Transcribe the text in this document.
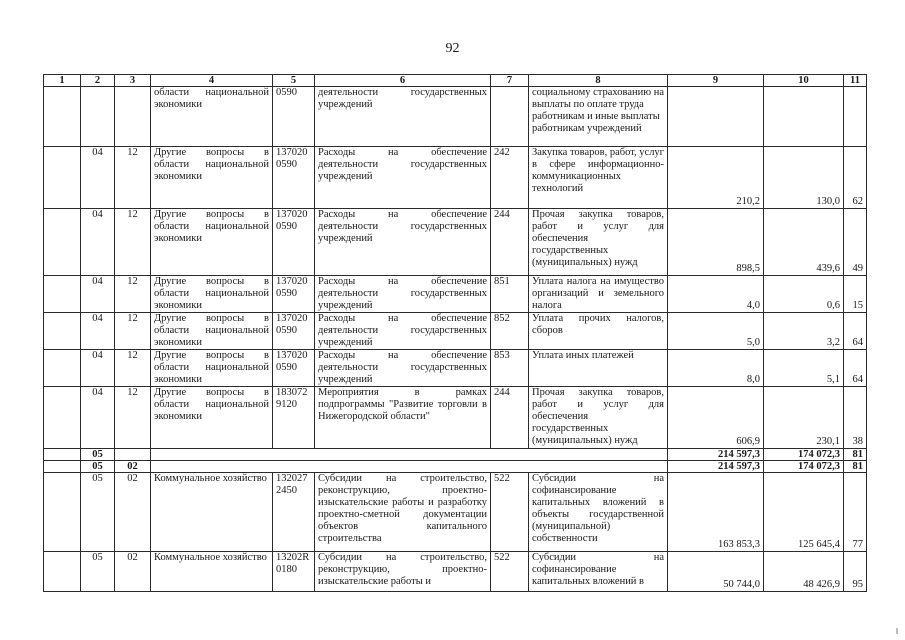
92
1	2	3	4	5	6	7	8	9	10	11
			области национальной экономики	0590	деятельности государственных учреждений		социальному страхованию на выплаты по оплате труда работникам и иные выплаты работникам учреждений			
	04	12	Другие вопросы в области национальной экономики	137020 0590	Расходы на обеспечение деятельности государственных учреждений	242	Закупка товаров, работ, услуг в сфере информационно-коммуникационных технологий	210,2	130,0	62
	04	12	Другие вопросы в области национальной экономики	137020 0590	Расходы на обеспечение деятельности государственных учреждений	244	Прочая закупка товаров, работ и услуг для обеспечения государственных (муниципальных) нужд	898,5	439,6	49
	04	12	Другие вопросы в области национальной экономики	137020 0590	Расходы на обеспечение деятельности государственных учреждений	851	Уплата налога на имущество организаций и земельного налога	4,0	0,6	15
	04	12	Другие вопросы в области национальной экономики	137020 0590	Расходы на обеспечение деятельности государственных учреждений	852	Уплата прочих налогов, сборов	5,0	3,2	64
	04	12	Другие вопросы в области национальной экономики	137020 0590	Расходы на обеспечение деятельности государственных учреждений	853	Уплата иных платежей	8,0	5,1	64
	04	12	Другие вопросы в области национальной экономики	183072 9120	Мероприятия в рамках подпрограммы "Развитие торговли в Нижегородской области"	244	Прочая закупка товаров, работ и услуг для обеспечения государственных (муниципальных) нужд	606,9	230,1	38
	05							214 597,3	174 072,3	81
	05	02						214 597,3	174 072,3	81
	05	02	Коммунальное хозяйство	132027 2450	Субсидии на строительство, реконструкцию, проектно-изыскательские работы и разработку проектно-сметной документации объектов капитального строительства	522	Субсидии на софинансирование капитальных вложений в объекты государственной (муниципальной) собственности	163 853,3	125 645,4	77
	05	02	Коммунальное хозяйство	13202R 0180	Субсидии на строительство, реконструкцию, проектно-изыскательские работы и	522	Субсидии на софинансирование капитальных вложений в	50 744,0	48 426,9	95
